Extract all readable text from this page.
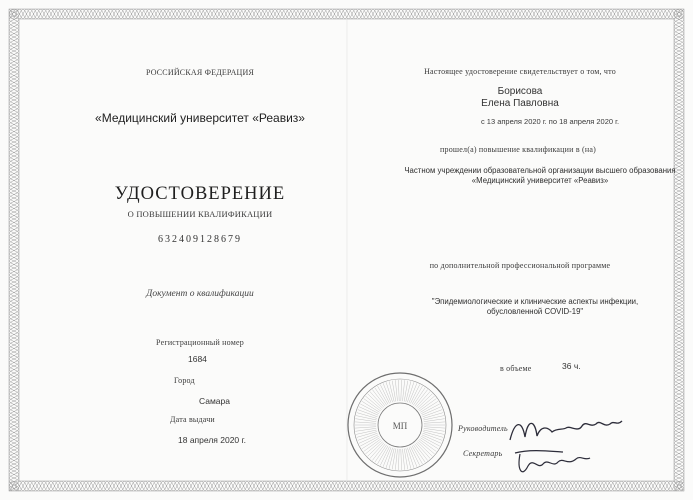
МП
РОССИЙСКАЯ ФЕДЕРАЦИЯ
«Медицинский университет «Реавиз»
УДОСТОВЕРЕНИЕ
О ПОВЫШЕНИИ КВАЛИФИКАЦИИ
632409128679
Документ о квалификации
Регистрационный номер
1684
Город
Самара
Дата выдачи
18 апреля 2020 г.
Настоящее удостоверение свидетельствует о том, что
Борисова
Елена Павловна
с 13 апреля 2020 г. по 18 апреля 2020 г.
прошел(а) повышение квалификации в (на)
Частном учреждении образовательной организации высшего образования
«Медицинский университет «Реавиз»
по дополнительной профессиональной программе
"Эпидемиологические и клинические аспекты инфекции,
обусловленной COVID-19"
в объеме	36 ч.
Руководитель
Секретарь
